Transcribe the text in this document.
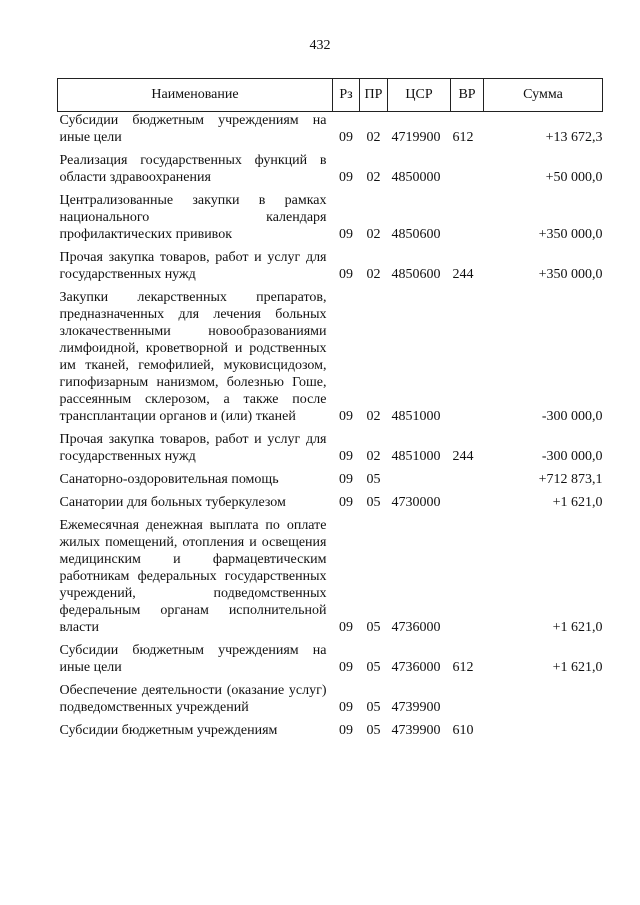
432
Наименование	Рз	ПР	ЦСР	ВР	Сумма
Субсидии бюджетным учреждениям на иные цели	09	02	4719900	612	+13 672,3
Реализация государственных функций в области здравоохранения	09	02	4850000		+50 000,0
Централизованные закупки в рамках национального календаря профилактических прививок	09	02	4850600		+350 000,0
Прочая закупка товаров, работ и услуг для государственных нужд	09	02	4850600	244	+350 000,0
Закупки лекарственных препаратов, предназначенных для лечения больных злокачественными новообразованиями лимфоидной, кроветворной и родственных им тканей, гемофилией, муковисцидозом, гипофизарным нанизмом, болезнью Гоше, рассеянным склерозом, а также после трансплантации органов и (или) тканей	09	02	4851000		-300 000,0
Прочая закупка товаров, работ и услуг для государственных нужд	09	02	4851000	244	-300 000,0
Санаторно-оздоровительная помощь	09	05			+712 873,1
Санатории для больных туберкулезом	09	05	4730000		+1 621,0
Ежемесячная денежная выплата по оплате жилых помещений, отопления и освещения медицинским и фармацевтическим работникам федеральных государственных учреждений, подведомственных федеральным органам исполнительной власти	09	05	4736000		+1 621,0
Субсидии бюджетным учреждениям на иные цели	09	05	4736000	612	+1 621,0
Обеспечение деятельности (оказание услуг) подведомственных учреждений	09	05	4739900		
Субсидии бюджетным учреждениям	09	05	4739900	610	
